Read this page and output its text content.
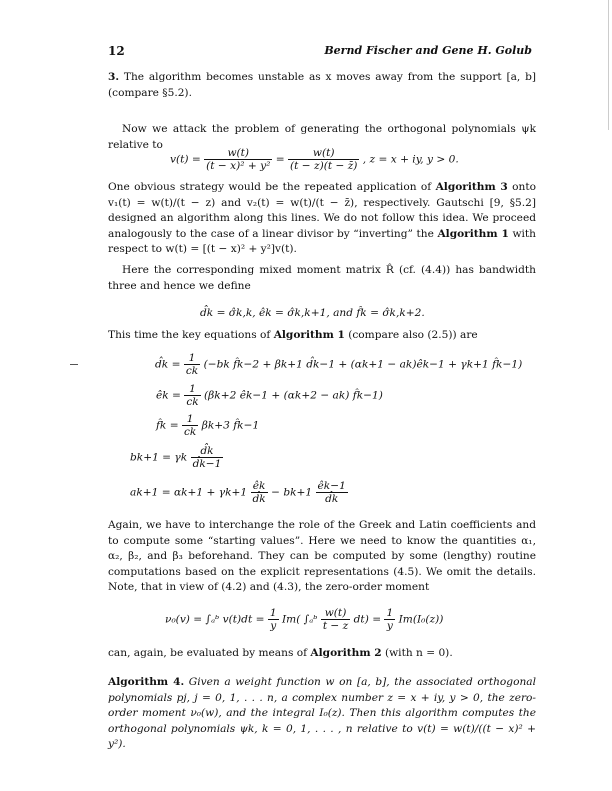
12	Bernd Fischer and Gene H. Golub
3. The algorithm becomes unstable as x moves away from the support [a, b] (compare §5.2).
Now we attack the problem of generating the orthogonal polynomials ψk relative to
$v(t) = \frac{w(t)}{\text{(t − x)² + y²}} = \frac{w(t)}{(t - z)(t - z̄)}$ , z = x + iy, y > 0.
One obvious strategy would be the repeated application of Algorithm 3 onto v₁(t) = w(t)/(t − z) and v₂(t) = w(t)/(t − z̄), respectively. Gautschi [9, §5.2] designed an algorithm along this lines. We do not follow this idea. We proceed analogously to the case of a linear divisor by “inverting” the Algorithm 1 with respect to w(t) = [(t − x)² + y²]v(t).
Here the corresponding mixed moment matrix R̂ (cf. (4.4)) has bandwidth three and hence we define
d̂k = σ̂k,k, êk = σ̂k,k+1, and f̂k = σ̂k,k+2.
This time the key equations of Algorithm 1 (compare also (2.5)) are
d̂k = $\frac{1}{ck} (-bk$ f̂k−2 + βk+1 d̂k−1 + (αk+1 − ak)êk−1 + γk+1 f̂k−1)
êk = $\frac{1}{ck} (\beta k+2$ êk−1 + (αk+2 − ak) f̂k−1)
f̂k = $\frac{1}{ck} \beta k+3$ f̂k−1
bk+1 = γk $\frac{d̂k}{d̂k-1}$
$ak+1 = \alpha k+1 + \gamma k+1 \frac{êk}{d̂k} - bk+1 \frac{êk-1}{d̂k}$
Again, we have to interchange the role of the Greek and Latin coefficients and to compute some “starting values”. Here we need to know the quantities α₁, α₂, β₂, and β₃ beforehand. They can be computed by some (lengthy) routine computations based on the explicit representations (4.5). We omit the details. Note, that in view of (4.2) and (4.3), the zero-order moment
ν₀(v) = ∫ₐᵇ $v(t)dt = \frac{1}{y} Im$( ∫ₐᵇ $\frac{w(t)}{t - z} dt) = \frac{1}{y} Im(I_0(z))$
can, again, be evaluated by means of Algorithm 2 (with n = 0).
Algorithm 4. Given a weight function w on [a, b], the associated orthogonal polynomials pj, j = 0, 1, . . . n, a complex number z = x + iy, y > 0, the zero-order moment ν₀(w), and the integral I₀(z). Then this algorithm computes the orthogonal polynomials ψk, k = 0, 1, . . . , n relative to v(t) = w(t)/((t − x)² + y²).
